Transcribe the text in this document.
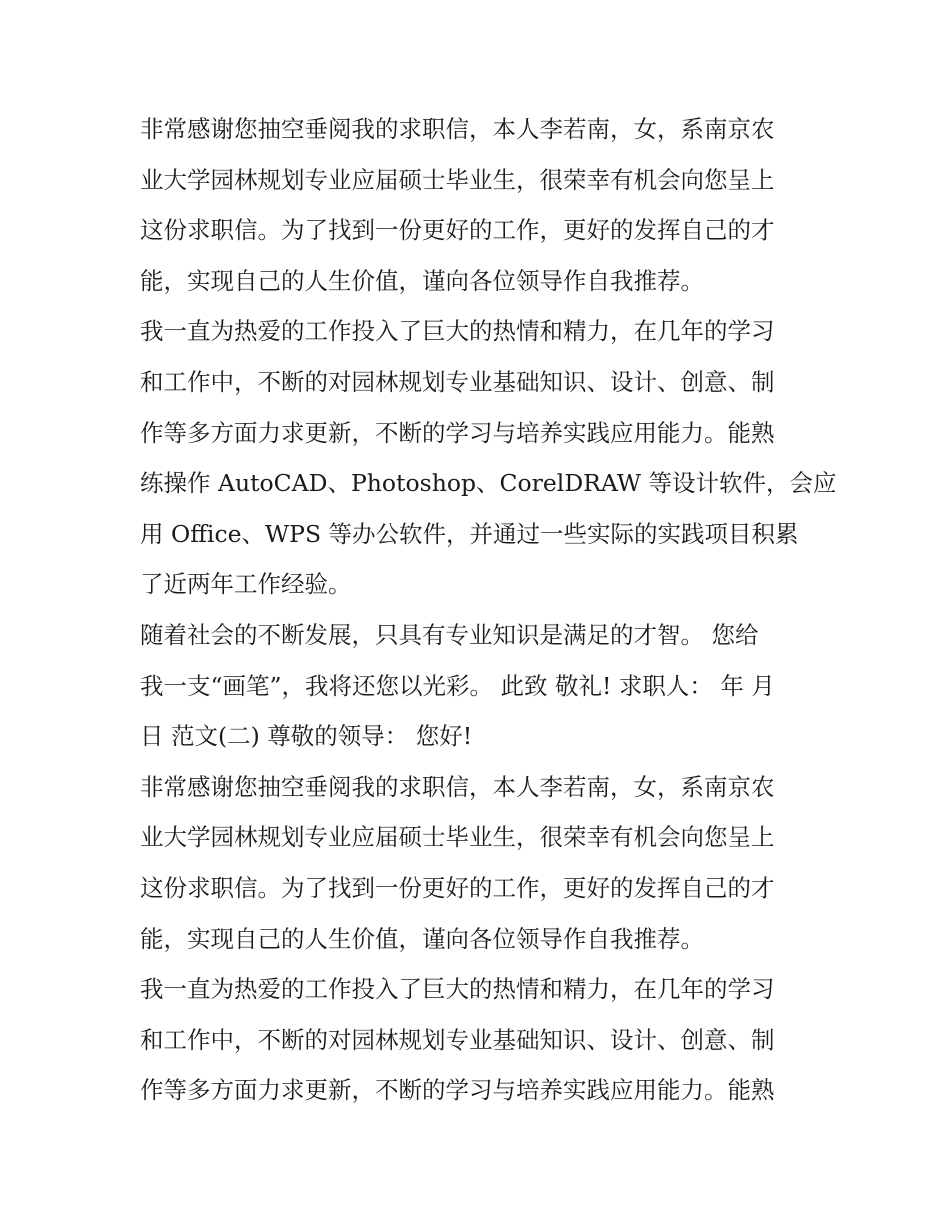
非常感谢您抽空垂阅我的求职信，本人李若南，女，系南京农
业大学园林规划专业应届硕士毕业生，很荣幸有机会向您呈上
这份求职信。为了找到一份更好的工作，更好的发挥自己的才
能，实现自己的人生价值，谨向各位领导作自我推荐。
我一直为热爱的工作投入了巨大的热情和精力，在几年的学习
和工作中，不断的对园林规划专业基础知识、设计、创意、制
作等多方面力求更新，不断的学习与培养实践应用能力。能熟
练操作 AutoCAD、Photoshop、CorelDRAW 等设计软件，会应
用 Office、WPS 等办公软件，并通过一些实际的实践项目积累
了近两年工作经验。
随着社会的不断发展，只具有专业知识是满足的才智。 您给
我一支“画笔”，我将还您以光彩。 此致 敬礼! 求职人： 年 月
日 范文(二) 尊敬的领导： 您好!
非常感谢您抽空垂阅我的求职信，本人李若南，女，系南京农
业大学园林规划专业应届硕士毕业生，很荣幸有机会向您呈上
这份求职信。为了找到一份更好的工作，更好的发挥自己的才
能，实现自己的人生价值，谨向各位领导作自我推荐。
我一直为热爱的工作投入了巨大的热情和精力，在几年的学习
和工作中，不断的对园林规划专业基础知识、设计、创意、制
作等多方面力求更新，不断的学习与培养实践应用能力。能熟
